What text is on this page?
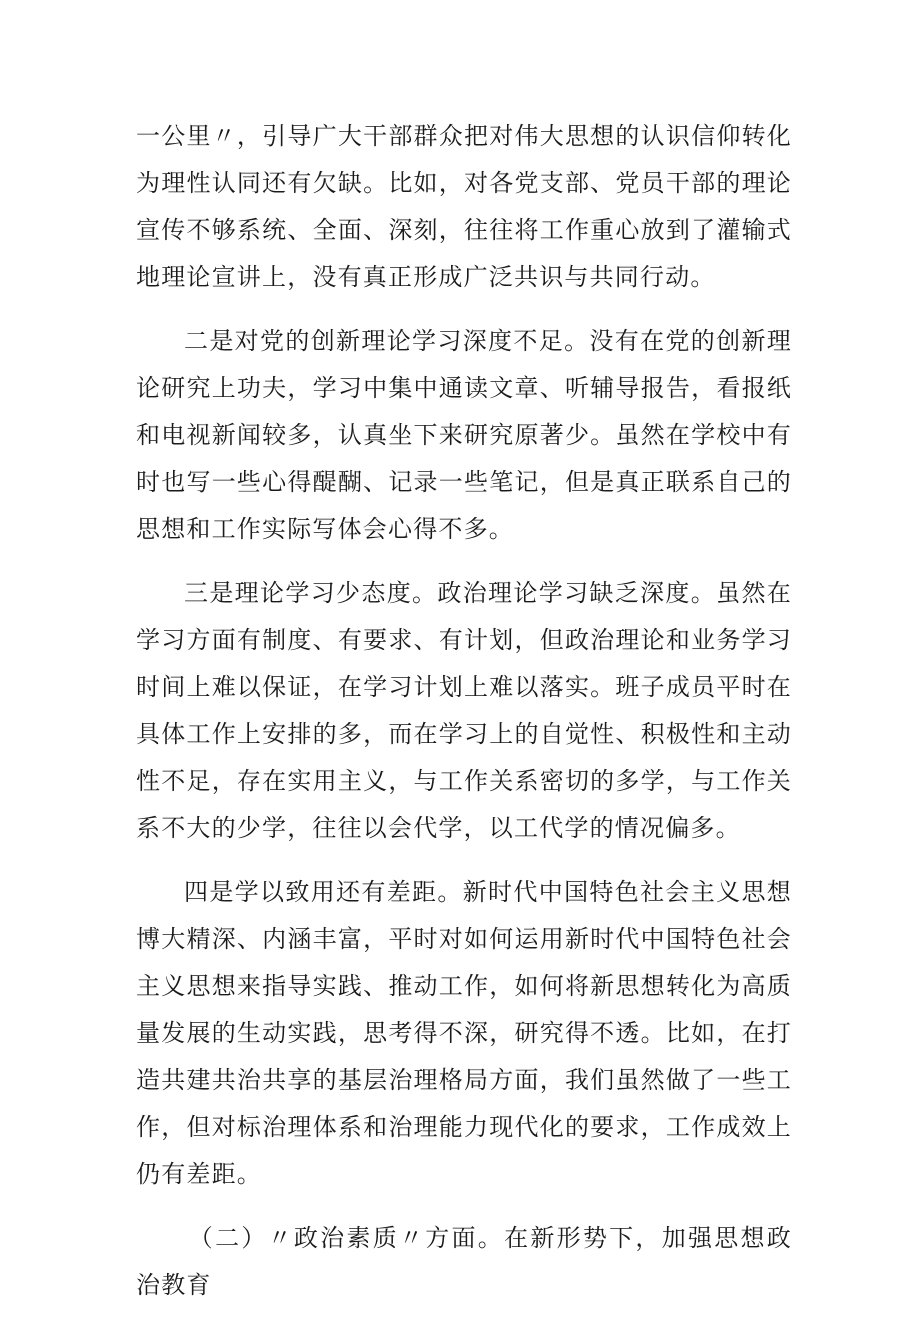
一公里〃，引导广大干部群众把对伟大思想的认识信仰转化为理性认同还有欠缺。比如，对各党支部、党员干部的理论宣传不够系统、全面、深刻，往往将工作重心放到了灌输式地理论宣讲上，没有真正形成广泛共识与共同行动。

二是对党的创新理论学习深度不足。没有在党的创新理论研究上功夫，学习中集中通读文章、听辅导报告，看报纸和电视新闻较多，认真坐下来研究原著少。虽然在学校中有时也写一些心得醍醐、记录一些笔记，但是真正联系自己的思想和工作实际写体会心得不多。

三是理论学习少态度。政治理论学习缺乏深度。虽然在学习方面有制度、有要求、有计划，但政治理论和业务学习时间上难以保证，在学习计划上难以落实。班子成员平时在具体工作上安排的多，而在学习上的自觉性、积极性和主动性不足，存在实用主义，与工作关系密切的多学，与工作关系不大的少学，往往以会代学，以工代学的情况偏多。

四是学以致用还有差距。新时代中国特色社会主义思想博大精深、内涵丰富，平时对如何运用新时代中国特色社会主义思想来指导实践、推动工作，如何将新思想转化为高质量发展的生动实践，思考得不深，研究得不透。比如，在打造共建共治共享的基层治理格局方面，我们虽然做了一些工作，但对标治理体系和治理能力现代化的要求，工作成效上仍有差距。

（二）〃政治素质〃方面。在新形势下，加强思想政治教育
